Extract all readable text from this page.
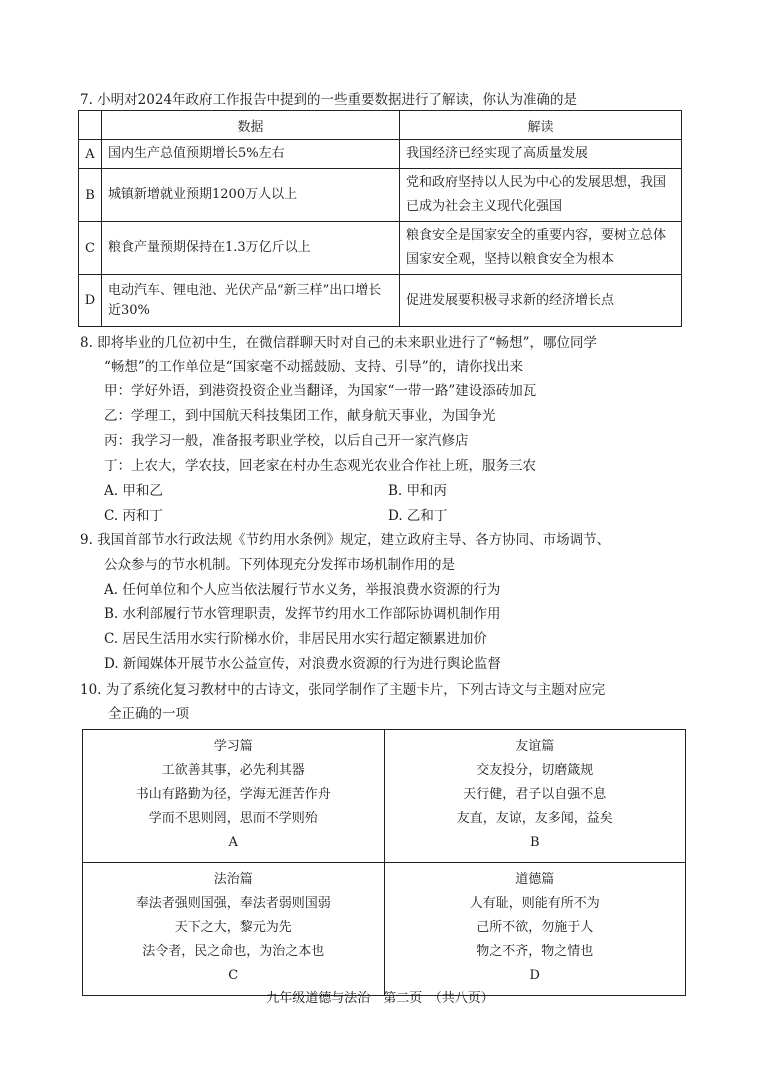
7. 小明对2024年政府工作报告中提到的一些重要数据进行了解读，你认为准确的是
	数据	解读
A	国内生产总值预期增长5%左右	我国经济已经实现了高质量发展
B	城镇新增就业预期1200万人以上	党和政府坚持以人民为中心的发展思想，我国已成为社会主义现代化强国
C	粮食产量预期保持在1.3万亿斤以上	粮食安全是国家安全的重要内容，要树立总体国家安全观，坚持以粮食安全为根本
D	电动汽车、锂电池、光伏产品“新三样”出口增长近30%	促进发展要积极寻求新的经济增长点
8. 即将毕业的几位初中生，在微信群聊天时对自己的未来职业进行了“畅想”，哪位同学
“畅想”的工作单位是“国家毫不动摇鼓励、支持、引导”的，请你找出来
甲：学好外语，到港资投资企业当翻译，为国家“一带一路”建设添砖加瓦
乙：学理工，到中国航天科技集团工作，献身航天事业，为国争光
丙：我学习一般，准备报考职业学校，以后自己开一家汽修店
丁：上农大，学农技，回老家在村办生态观光农业合作社上班，服务三农
A. 甲和乙	B. 甲和丙
C. 丙和丁	D. 乙和丁
9. 我国首部节水行政法规《节约用水条例》规定，建立政府主导、各方协同、市场调节、
公众参与的节水机制。下列体现充分发挥市场机制作用的是
A. 任何单位和个人应当依法履行节水义务，举报浪费水资源的行为
B. 水利部履行节水管理职责，发挥节约用水工作部际协调机制作用
C. 居民生活用水实行阶梯水价，非居民用水实行超定额累进加价
D. 新闻媒体开展节水公益宣传，对浪费水资源的行为进行舆论监督
10. 为了系统化复习教材中的古诗文，张同学制作了主题卡片，下列古诗文与主题对应完
全正确的一项
学习篇
工欲善其事，必先利其器
书山有路勤为径，学海无涯苦作舟
学而不思则罔，思而不学则殆
A	友谊篇
交友投分，切磨箴规
天行健，君子以自强不息
友直，友谅，友多闻，益矣
B

法治篇
奉法者强则国强，奉法者弱则国弱
天下之大，黎元为先
法令者，民之命也，为治之本也
C	道德篇
人有耻，则能有所不为
己所不欲，勿施于人
物之不齐，物之情也
D
九年级道德与法治　第二页　（共八页）
